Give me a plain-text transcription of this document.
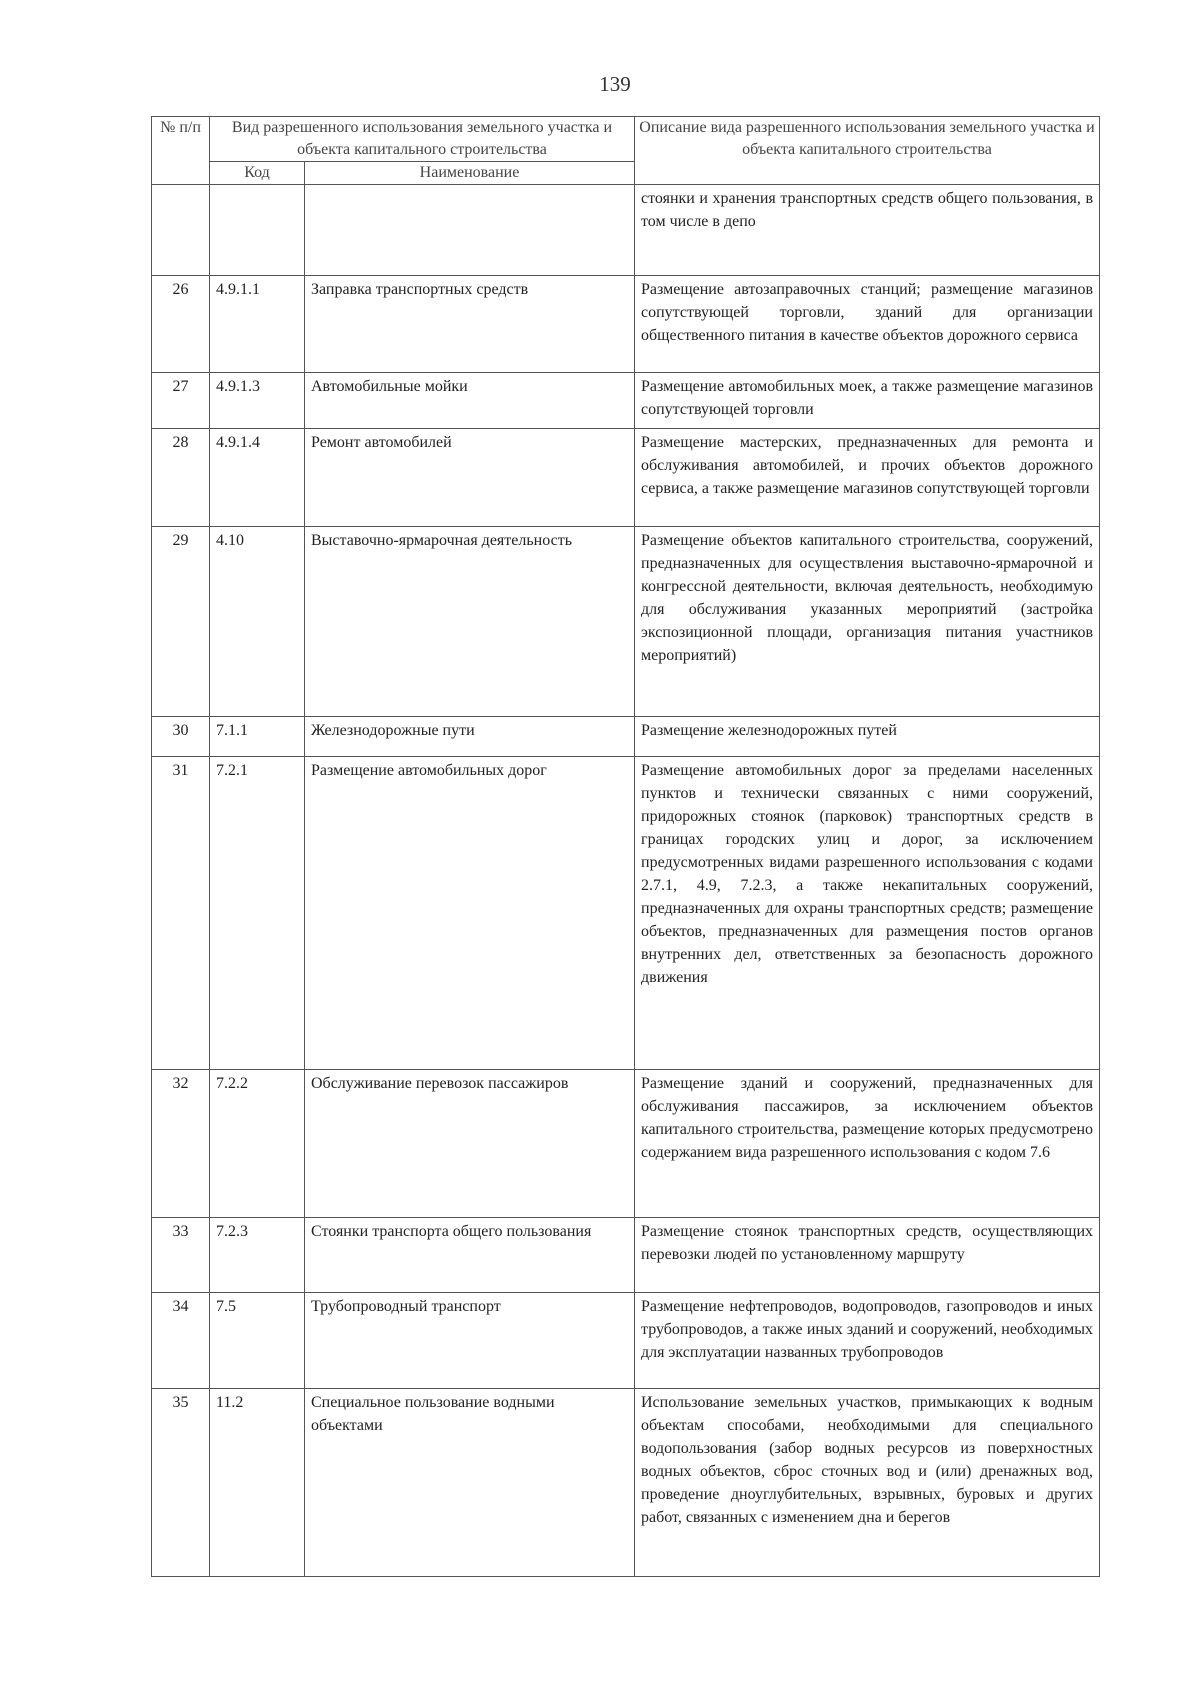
139
№ п/п	Вид разрешенного использования земельного участка и объекта капитального строительства		Описание вида разрешенного использования земельного участка и объекта капитального строительства
	Код	Наименование	
			стоянки и хранения транспортных средств общего пользования, в том числе в депо
26	4.9.1.1	Заправка транспортных средств	Размещение автозаправочных станций; размещение магазинов сопутствующей торговли, зданий для организации общественного питания в качестве объектов дорожного сервиса
27	4.9.1.3	Автомобильные мойки	Размещение автомобильных моек, а также размещение магазинов сопутствующей торговли
28	4.9.1.4	Ремонт автомобилей	Размещение мастерских, предназначенных для ремонта и обслуживания автомобилей, и прочих объектов дорожного сервиса, а также размещение магазинов сопутствующей торговли
29	4.10	Выставочно-ярмарочная деятельность	Размещение объектов капитального строительства, сооружений, предназначенных для осуществления выставочно-ярмарочной и конгрессной деятельности, включая деятельность, необходимую для обслуживания указанных мероприятий (застройка экспозиционной площади, организация питания участников мероприятий)
30	7.1.1	Железнодорожные пути	Размещение железнодорожных путей
31	7.2.1	Размещение автомобильных дорог	Размещение автомобильных дорог за пределами населенных пунктов и технически связанных с ними сооружений, придорожных стоянок (парковок) транспортных средств в границах городских улиц и дорог, за исключением предусмотренных видами разрешенного использования с кодами 2.7.1, 4.9, 7.2.3, а также некапитальных сооружений, предназначенных для охраны транспортных средств; размещение объектов, предназначенных для размещения постов органов внутренних дел, ответственных за безопасность дорожного движения
32	7.2.2	Обслуживание перевозок пассажиров	Размещение зданий и сооружений, предназначенных для обслуживания пассажиров, за исключением объектов капитального строительства, размещение которых предусмотрено содержанием вида разрешенного использования с кодом 7.6
33	7.2.3	Стоянки транспорта общего пользования	Размещение стоянок транспортных средств, осуществляющих перевозки людей по установленному маршруту
34	7.5	Трубопроводный транспорт	Размещение нефтепроводов, водопроводов, газопроводов и иных трубопроводов, а также иных зданий и сооружений, необходимых для эксплуатации названных трубопроводов
35	11.2	Специальное пользование водными объектами	Использование земельных участков, примыкающих к водным объектам способами, необходимыми для специального водопользования (забор водных ресурсов из поверхностных водных объектов, сброс сточных вод и (или) дренажных вод, проведение дноуглубительных, взрывных, буровых и других работ, связанных с изменением дна и берегов
